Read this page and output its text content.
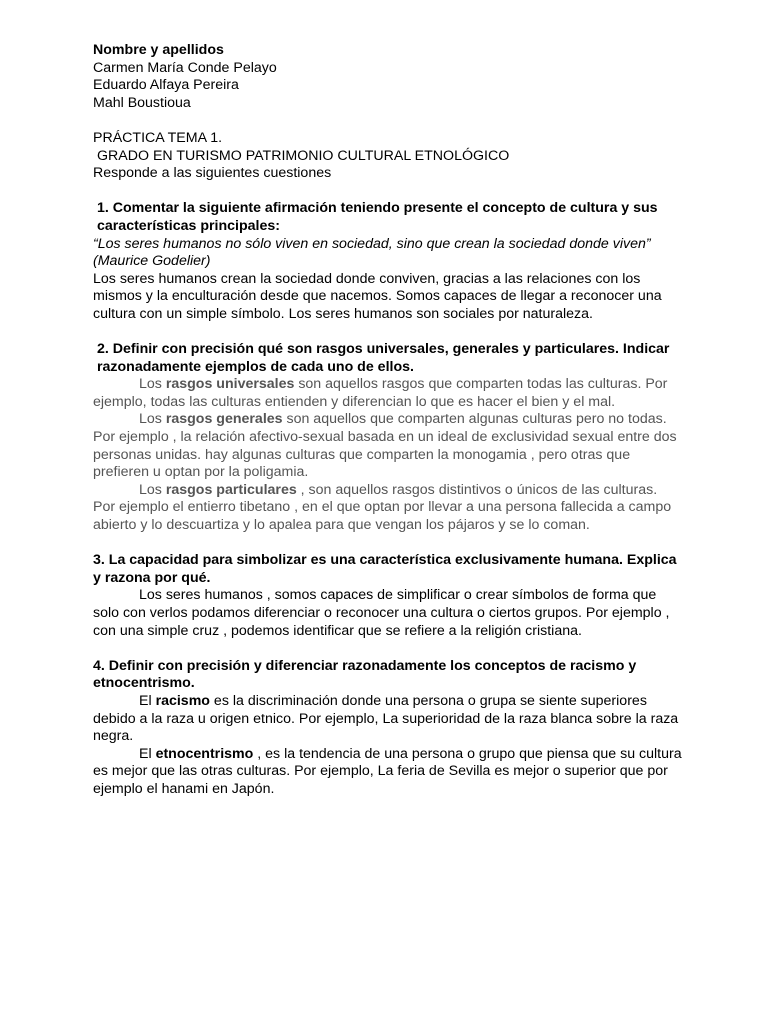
Nombre y apellidos

Carmen María Conde Pelayo

Eduardo Alfaya Pereira

Mahl Boustioua

PRÁCTICA TEMA 1.

GRADO EN TURISMO PATRIMONIO CULTURAL ETNOLÓGICO

Responde a las siguientes cuestiones

1. Comentar la siguiente afirmación teniendo presente el concepto de cultura y sus características principales:

“Los seres humanos no sólo viven en sociedad, sino que crean la sociedad donde viven”

(Maurice Godelier)

Los seres humanos crean la sociedad donde conviven, gracias a las relaciones con los mismos y la enculturación desde que nacemos. Somos capaces de llegar a reconocer una cultura con un simple símbolo. Los seres humanos son sociales por naturaleza.

2. Definir con precisión qué son rasgos universales, generales y particulares. Indicar razonadamente ejemplos de cada uno de ellos.

Los rasgos universales son aquellos rasgos que comparten todas las culturas. Por ejemplo, todas las culturas entienden y diferencian lo que es hacer el bien y el mal.

Los rasgos generales son aquellos que comparten algunas culturas pero no todas. Por ejemplo , la relación afectivo-sexual basada en un ideal de exclusividad sexual entre dos personas unidas. hay algunas culturas que comparten la monogamia , pero otras que prefieren u optan por la poligamia.

Los rasgos particulares , son aquellos rasgos distintivos o únicos de las culturas. Por ejemplo el entierro tibetano , en el que optan por llevar a una persona fallecida a campo abierto y lo descuartiza y lo apalea para que vengan los pájaros y se lo coman.

3. La capacidad para simbolizar es una característica exclusivamente humana. Explica y razona por qué.

Los seres humanos , somos capaces de simplificar o crear símbolos de forma que solo con verlos podamos diferenciar o reconocer una cultura o ciertos grupos. Por ejemplo , con una simple cruz , podemos identificar que se refiere a la religión cristiana.

4. Definir con precisión y diferenciar razonadamente los conceptos de racismo y etnocentrismo.

El racismo es la discriminación donde una persona o grupa se siente superiores debido a la raza u origen etnico. Por ejemplo, La superioridad de la raza blanca sobre la raza negra.

El etnocentrismo , es la tendencia de una persona o grupo que piensa que su cultura es mejor que las otras culturas. Por ejemplo, La feria de Sevilla es mejor o superior que por ejemplo el hanami en Japón.
